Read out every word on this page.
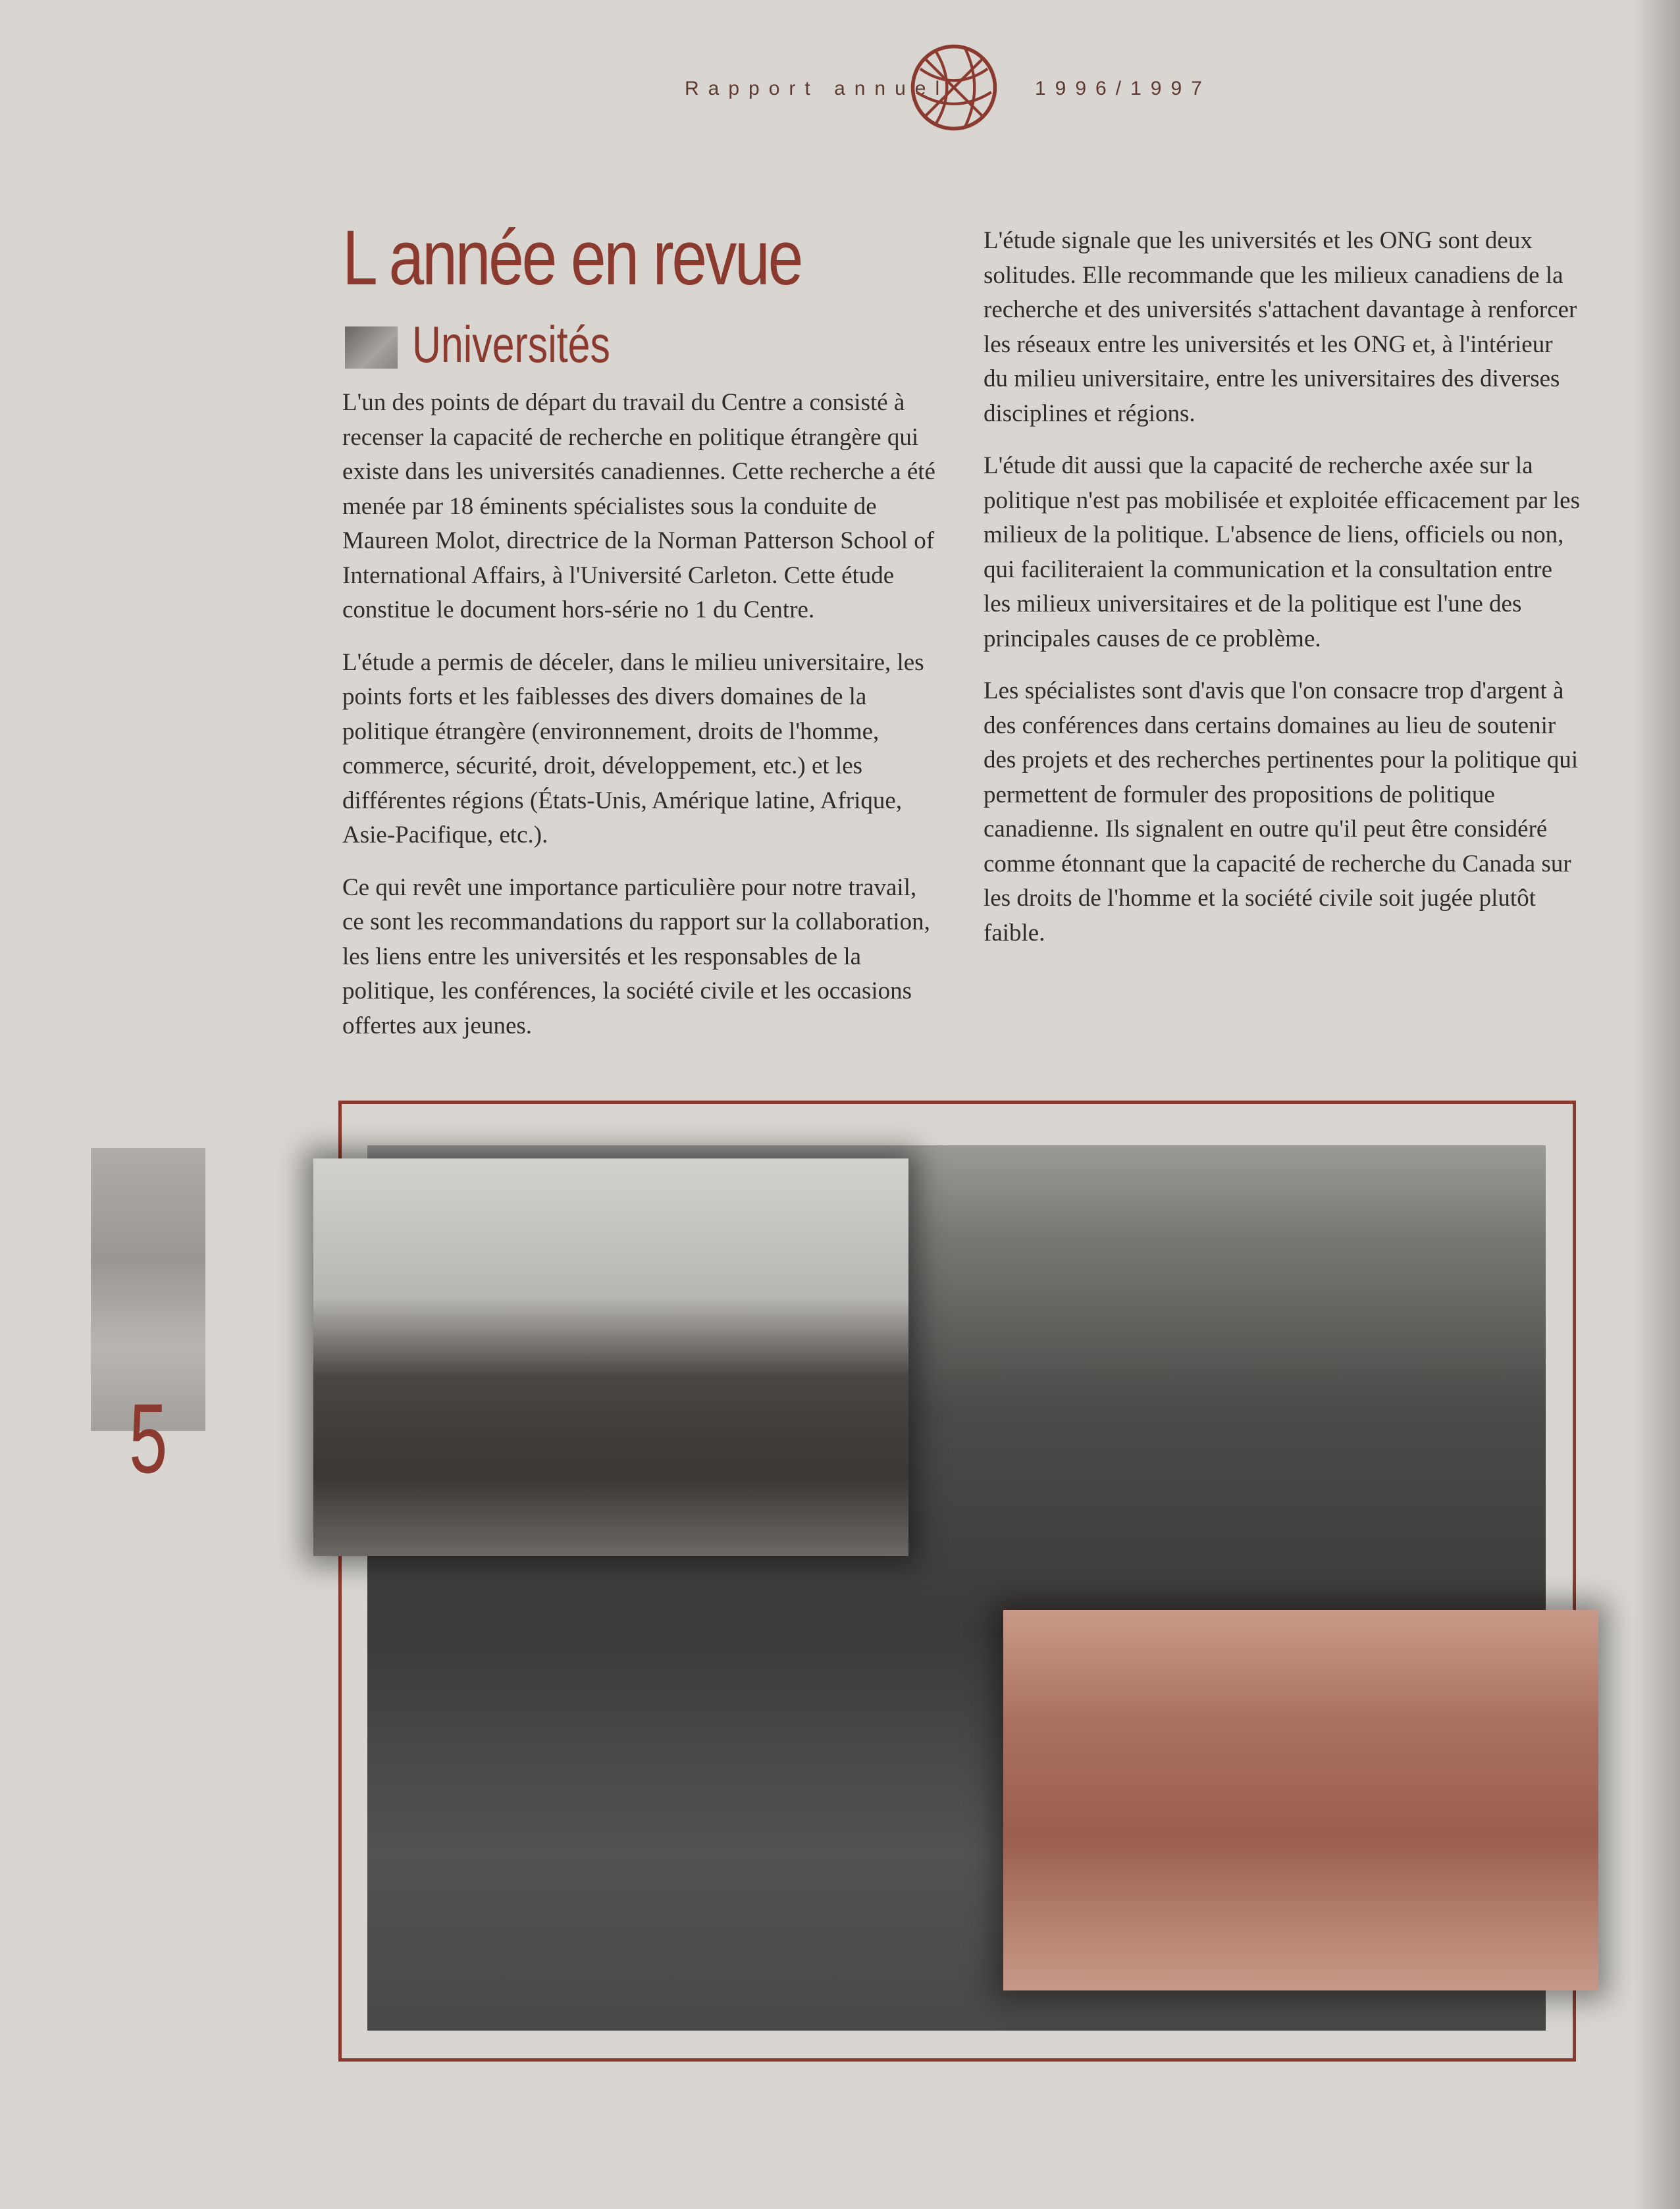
Rapport annuel	1996/1997
L année en revue
Universités

L'un des points de départ du travail du Centre a consisté à recenser la capacité de recherche en politique étrangère qui existe dans les universités canadiennes. Cette recherche a été menée par 18 éminents spécialistes sous la conduite de Maureen Molot, directrice de la Norman Patterson School of International Affairs, à l'Université Carleton. Cette étude constitue le document hors-série no 1 du Centre.

L'étude a permis de déceler, dans le milieu universitaire, les points forts et les faiblesses des divers domaines de la politique étrangère (environnement, droits de l'homme, commerce, sécurité, droit, développement, etc.) et les différentes régions (États-Unis, Amérique latine, Afrique, Asie-Pacifique, etc.).

Ce qui revêt une importance particulière pour notre travail, ce sont les recommandations du rapport sur la collaboration, les liens entre les universités et les responsables de la politique, les conférences, la société civile et les occasions offertes aux jeunes.

L'étude signale que les universités et les ONG sont deux solitudes. Elle recommande que les milieux canadiens de la recherche et des universités s'attachent davantage à renforcer les réseaux entre les universités et les ONG et, à l'intérieur du milieu universitaire, entre les universitaires des diverses disciplines et régions.

L'étude dit aussi que la capacité de recherche axée sur la politique n'est pas mobilisée et exploitée efficacement par les milieux de la politique. L'absence de liens, officiels ou non, qui faciliteraient la communication et la consultation entre les milieux universitaires et de la politique est l'une des principales causes de ce problème.

Les spécialistes sont d'avis que l'on consacre trop d'argent à des conférences dans certains domaines au lieu de soutenir des projets et des recherches pertinentes pour la politique qui permettent de formuler des propositions de politique canadienne. Ils signalent en outre qu'il peut être considéré comme étonnant que la capacité de recherche du Canada sur les droits de l'homme et la société civile soit jugée plutôt faible.

5
